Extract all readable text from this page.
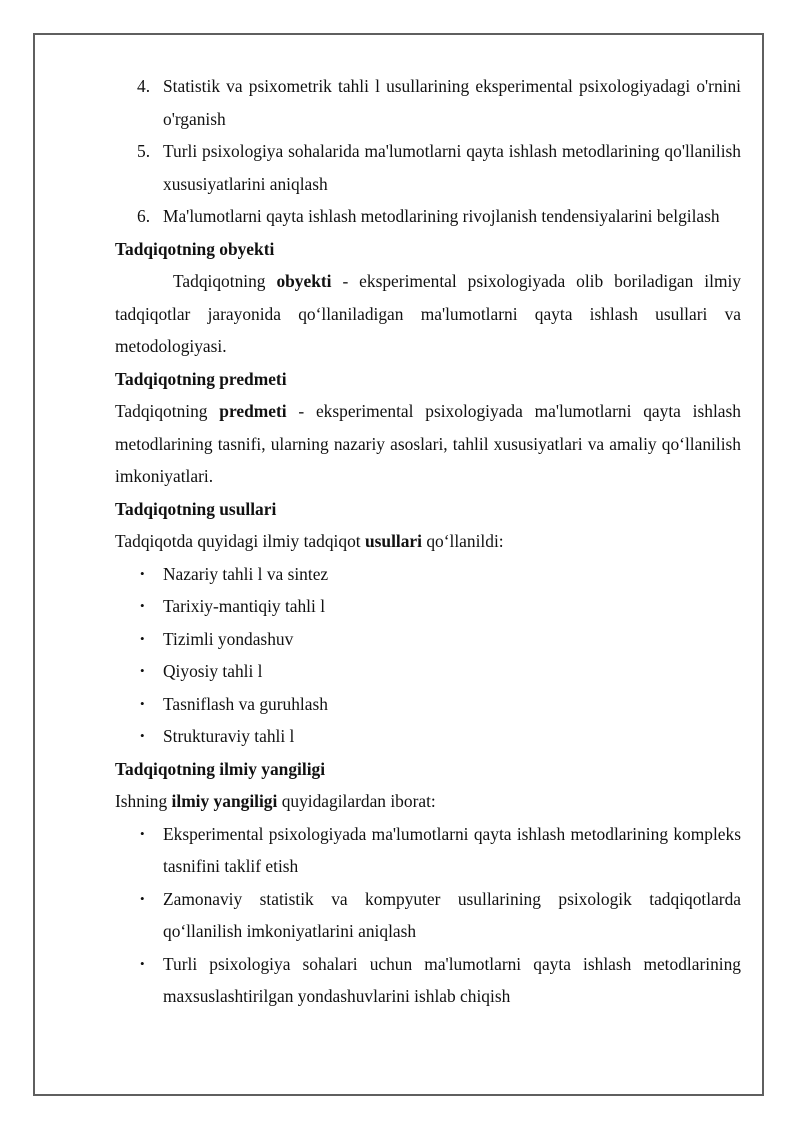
4. Statistik va psixometrik tahli l usullarining eksperimental psixologiyadagi o'rnini o'rganish
5. Turli psixologiya sohalarida ma'lumotlarni qayta ishlash metodlarining qo'llanilish xususiyatlarini aniqlash
6. Ma'lumotlarni qayta ishlash metodlarining rivojlanish tendensiyalarini belgilash

Tadqiqotning obyekti

Tadqiqotning obyekti - eksperimental psixologiyada olib boriladigan ilmiy tadqiqotlar jarayonida qo‘llaniladigan ma'lumotlarni qayta ishlash usullari va metodologiyasi.

Tadqiqotning predmeti

Tadqiqotning predmeti - eksperimental psixologiyada ma'lumotlarni qayta ishlash metodlarining tasnifi, ularning nazariy asoslari, tahlil xususiyatlari va amaliy qo‘llanilish imkoniyatlari.

Tadqiqotning usullari

Tadqiqotda quyidagi ilmiy tadqiqot usullari qo‘llanildi:

• Nazariy tahli l va sintez
• Tarixiy-mantiqiy tahli l
• Tizimli yondashuv
• Qiyosiy tahli l
• Tasniflash va guruhlash
• Strukturaviy tahli l

Tadqiqotning ilmiy yangiligi

Ishning ilmiy yangiligi quyidagilardan iborat:

• Eksperimental psixologiyada ma'lumotlarni qayta ishlash metodlarining kompleks tasnifini taklif etish
• Zamonaviy statistik va kompyuter usullarining psixologik tadqiqotlarda qo‘llanilish imkoniyatlarini aniqlash
• Turli psixologiya sohalari uchun ma'lumotlarni qayta ishlash metodlarining maxsuslashtirilgan yondashuvlarini ishlab chiqish
